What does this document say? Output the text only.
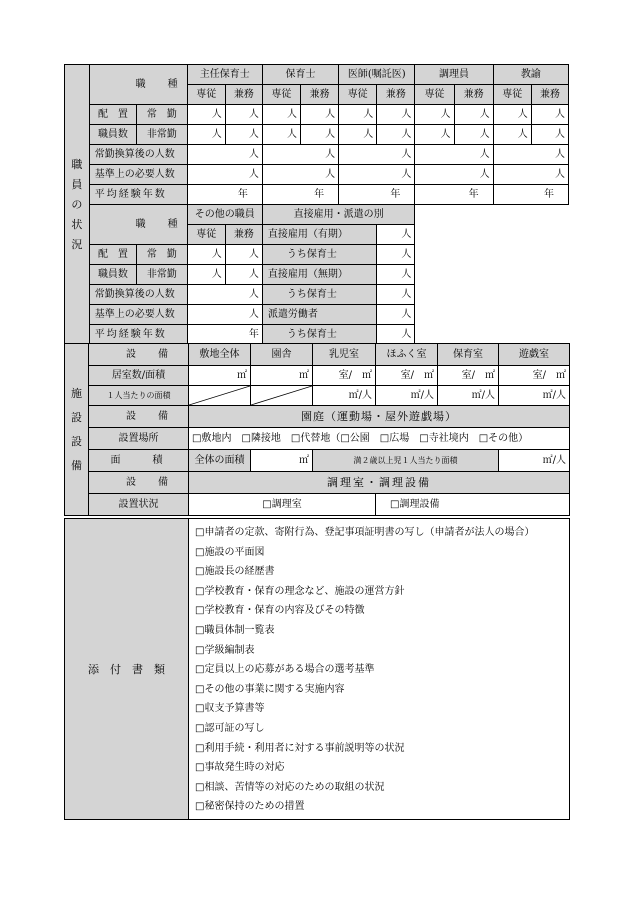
職員の状況	職　種		主任保育士		保育士		医師(嘱託医)		調理員		教諭	
			専従	兼務	専従	兼務	専従	兼務	専従	兼務	専従	兼務
	配　置	常　勤	人	人	人	人	人	人	人	人	人	人
	職員数	非常勤	人	人	人	人	人	人	人	人	人	人
	常勤換算後の人数		人		人		人		人		人	
	基準上の必要人数		人		人		人		人		人	
	平均経験年数		年		年		年		年		年	
	職　種		その他の職員		直接雇用・派遣の別							
			専従	兼務	直接雇用（有期）			人				
	配　置	常　勤	人	人	うち保育士			人				
	職員数	非常勤	人	人	直接雇用（無期）			人				
	常勤換算後の人数		人		うち保育士			人				
	基準上の必要人数		人		派遣労働者			人				
	平均経験年数		年		うち保育士			人				
施設設備	設　備	敷地全体	園舎	乳児室	ほふく室	保育室	遊戯室
	居室数/面積	㎡	㎡	室/　㎡	室/　㎡	室/　㎡	室/　㎡
	１人当たりの面積			㎡/人	㎡/人	㎡/人	㎡/人
	設　備	園庭（運動場・屋外遊戯場）					
	設置場所	□敷地内　□隣接地　□代替地（□公園　□広場　□寺社境内　□その他）					
	面　　積	全体の面積	㎡	満２歳以上児１人当たり面積			㎡/人
	設　備	調理室・調理設備					
	設置状況	□調理室	□調理設備
添　付　書　類	
□ 申請者の定款、寄附行為、登記事項証明書の写し（申請者が法人の場合）
□ 施設の平面図
□ 施設長の経歴書
□ 学校教育・保育の理念など、施設の運営方針
□ 学校教育・保育の内容及びその特徴
□ 職員体制一覧表
□ 学級編制表
□ 定員以上の応募がある場合の選考基準
□ その他の事業に関する実施内容
□ 収支予算書等
□ 認可証の写し
□ 利用手続・利用者に対する事前説明等の状況
□ 事故発生時の対応
□ 相談、苦情等の対応のための取組の状況
□ 秘密保持のための措置
